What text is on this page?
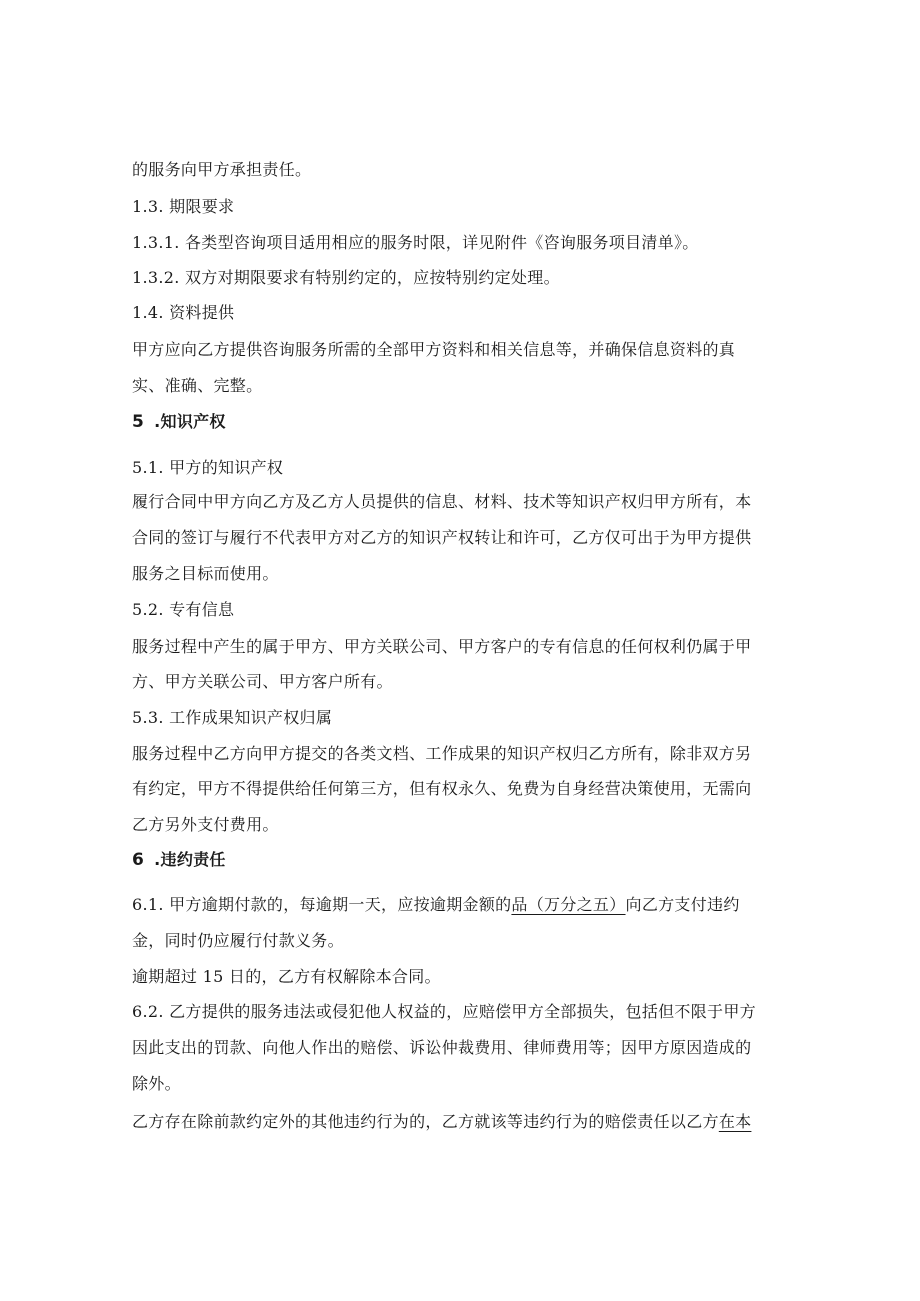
的服务向甲方承担责任。
1.3. 期限要求
1.3.1. 各类型咨询项目适用相应的服务时限，详见附件《咨询服务项目清单》。
1.3.2. 双方对期限要求有特别约定的，应按特别约定处理。
1.4. 资料提供
甲方应向乙方提供咨询服务所需的全部甲方资料和相关信息等，并确保信息资料的真
实、准确、完整。
5 .知识产权
5.1. 甲方的知识产权
履行合同中甲方向乙方及乙方人员提供的信息、材料、技术等知识产权归甲方所有，本
合同的签订与履行不代表甲方对乙方的知识产权转让和许可，乙方仅可出于为甲方提供
服务之目标而使用。
5.2. 专有信息
服务过程中产生的属于甲方、甲方关联公司、甲方客户的专有信息的任何权利仍属于甲
方、甲方关联公司、甲方客户所有。
5.3. 工作成果知识产权归属
服务过程中乙方向甲方提交的各类文档、工作成果的知识产权归乙方所有，除非双方另
有约定，甲方不得提供给任何第三方，但有权永久、免费为自身经营决策使用，无需向
乙方另外支付费用。
6 .违约责任
6.1. 甲方逾期付款的，每逾期一天，应按逾期金额的品（万分之五）向乙方支付违约
金，同时仍应履行付款义务。
逾期超过 15 日的，乙方有权解除本合同。
6.2. 乙方提供的服务违法或侵犯他人权益的，应赔偿甲方全部损失，包括但不限于甲方
因此支出的罚款、向他人作出的赔偿、诉讼仲裁费用、律师费用等；因甲方原因造成的
除外。
乙方存在除前款约定外的其他违约行为的，乙方就该等违约行为的赔偿责任以乙方在本
